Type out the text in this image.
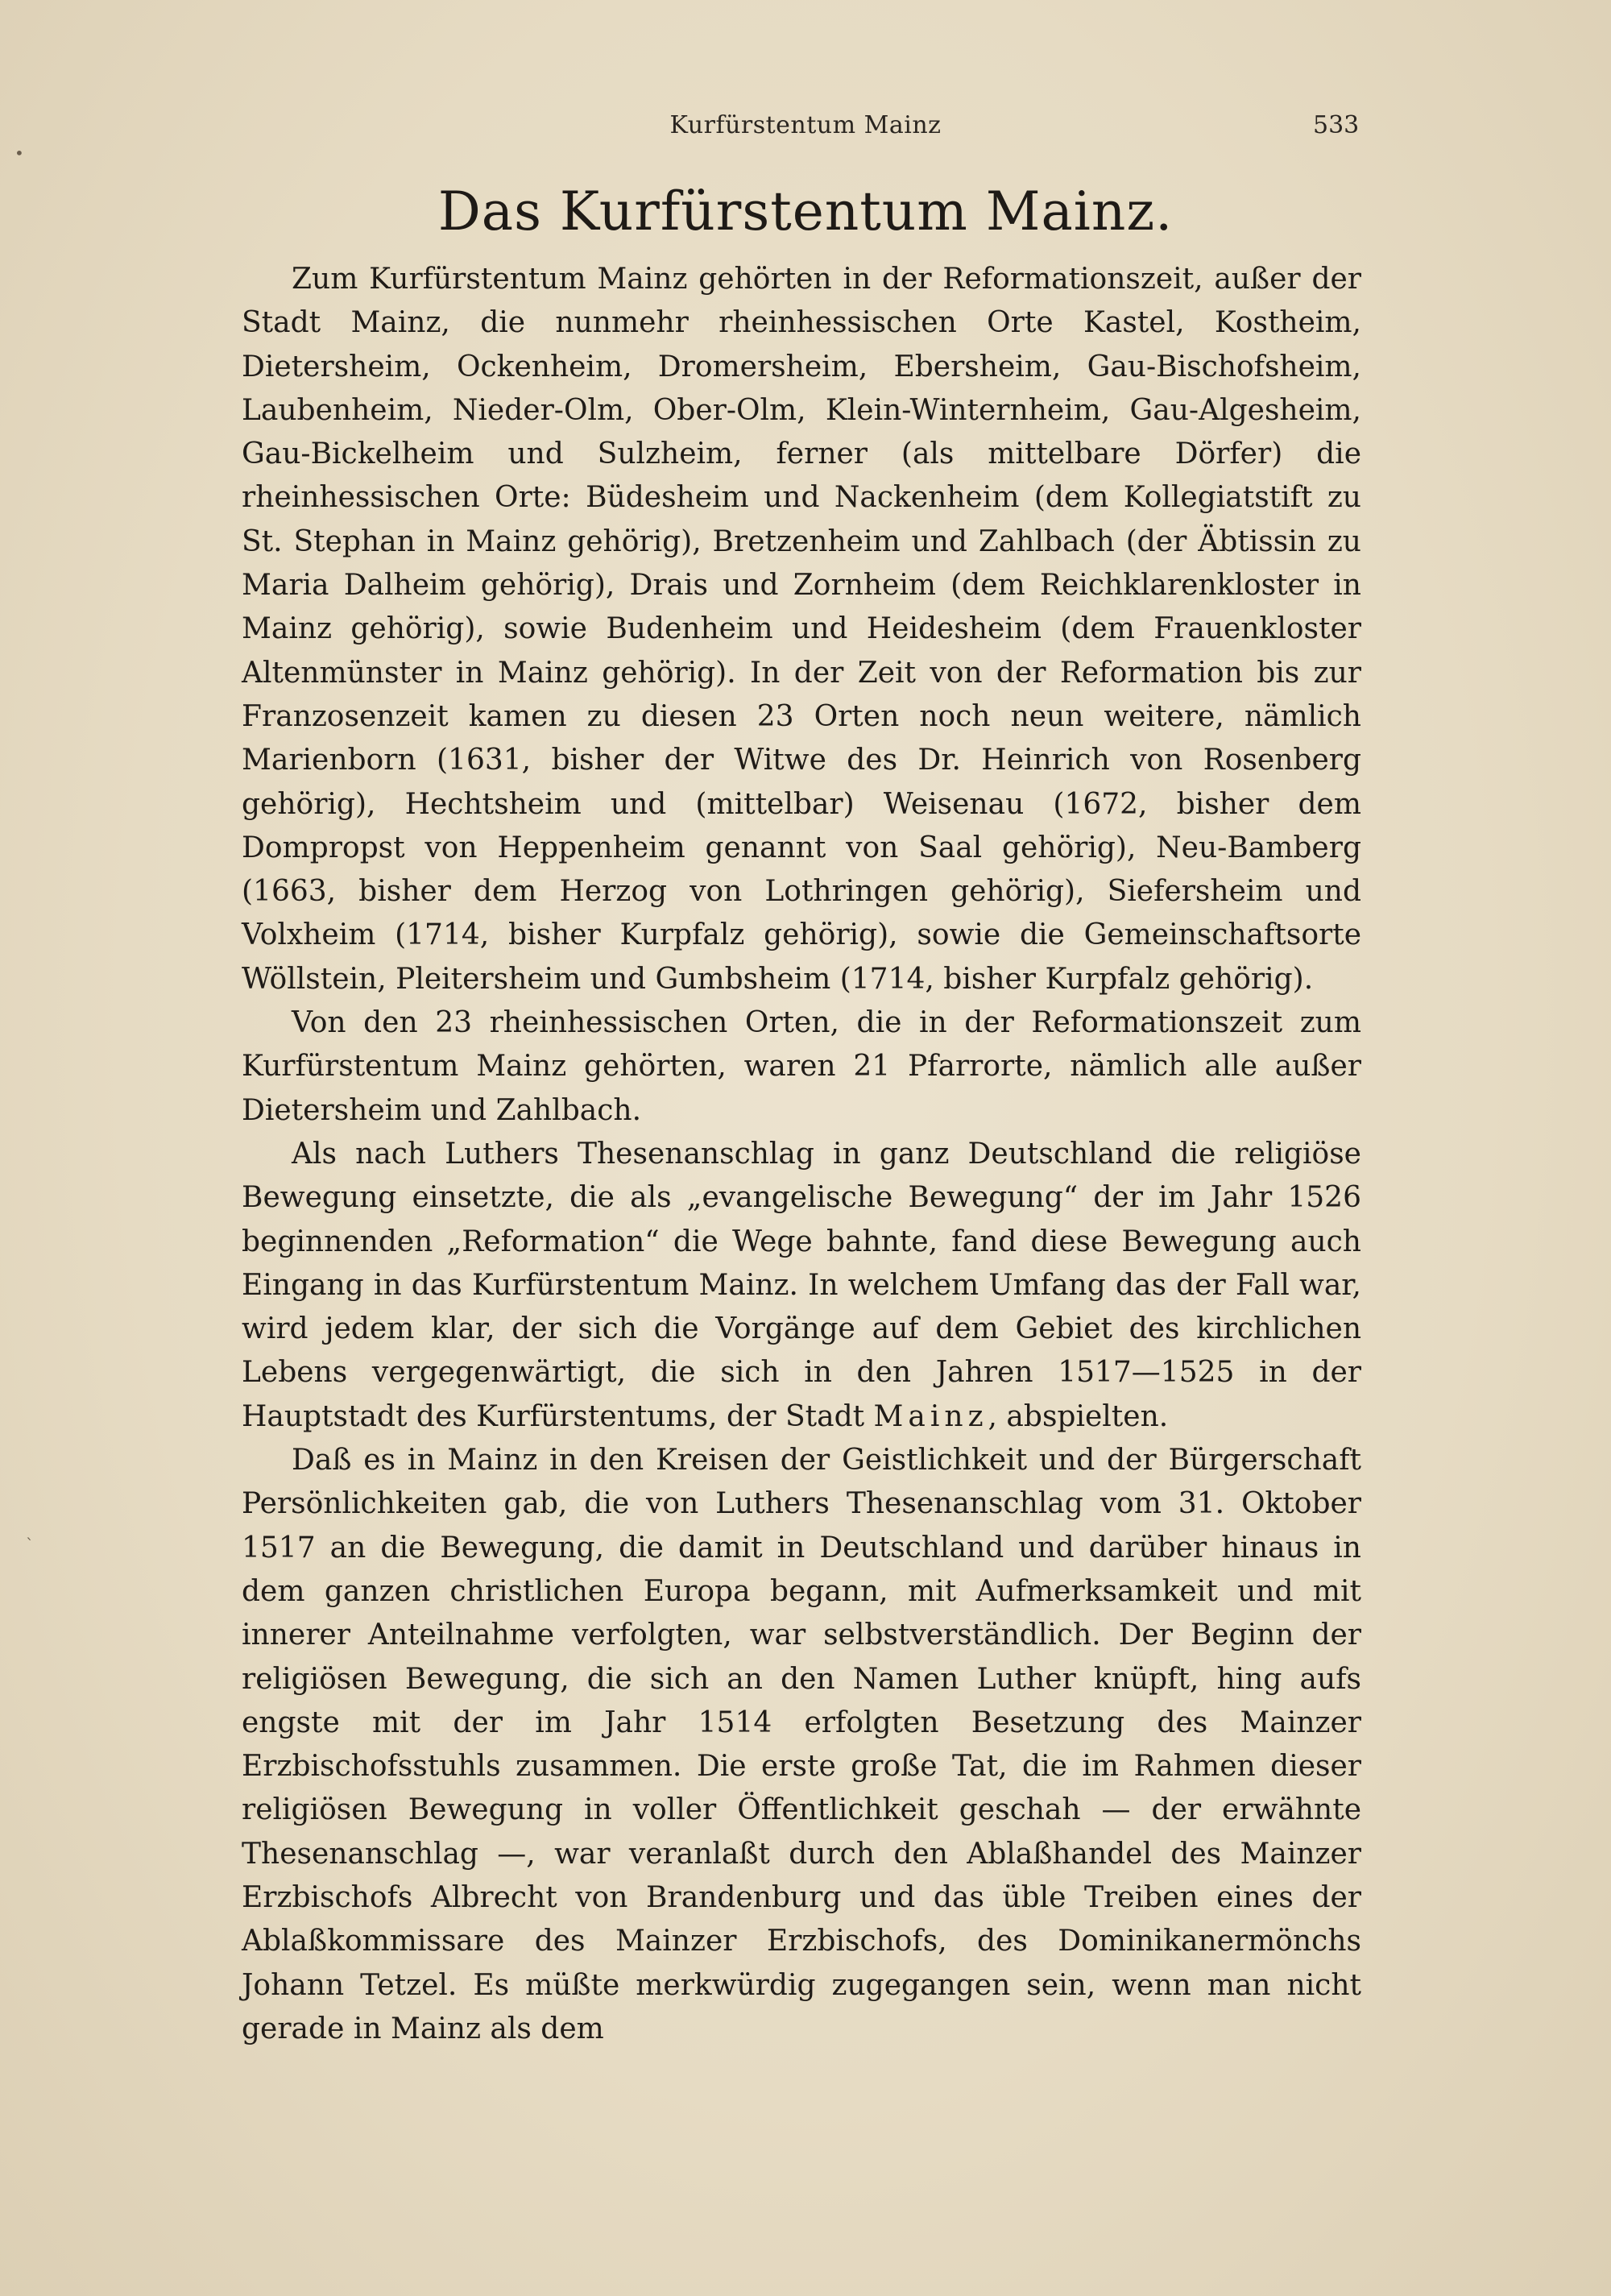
Kurfürstentum Mainz	533
Das Kurfürstentum Mainz.

Zum Kurfürstentum Mainz gehörten in der Reformationszeit, außer der Stadt Mainz, die nunmehr rheinhessischen Orte Kastel, Kostheim, Dietersheim, Ockenheim, Dromersheim, Ebersheim, Gau-Bischofsheim, Laubenheim, Nieder-Olm, Ober-Olm, Klein-Winternheim, Gau-Algesheim, Gau-Bickelheim und Sulzheim, ferner (als mittelbare Dörfer) die rheinhessischen Orte: Büdesheim und Nackenheim (dem Kollegiatstift zu St. Stephan in Mainz gehörig), Bretzenheim und Zahlbach (der Äbtissin zu Maria Dalheim gehörig), Drais und Zornheim (dem Reichklarenkloster in Mainz gehörig), sowie Budenheim und Heidesheim (dem Frauenkloster Altenmünster in Mainz gehörig). In der Zeit von der Reformation bis zur Franzosenzeit kamen zu diesen 23 Orten noch neun weitere, nämlich Marienborn (1631, bisher der Witwe des Dr. Heinrich von Rosenberg gehörig), Hechtsheim und (mittelbar) Weisenau (1672, bisher dem Dompropst von Heppenheim genannt von Saal gehörig), Neu-Bamberg (1663, bisher dem Herzog von Lothringen gehörig), Siefersheim und Volxheim (1714, bisher Kurpfalz gehörig), sowie die Gemeinschaftsorte Wöllstein, Pleitersheim und Gumbsheim (1714, bisher Kurpfalz gehörig).

Von den 23 rheinhessischen Orten, die in der Reformationszeit zum Kurfürstentum Mainz gehörten, waren 21 Pfarrorte, nämlich alle außer Dietersheim und Zahlbach.

Als nach Luthers Thesenanschlag in ganz Deutschland die religiöse Bewegung einsetzte, die als „evangelische Bewegung“ der im Jahr 1526 beginnenden „Reformation“ die Wege bahnte, fand diese Bewegung auch Eingang in das Kurfürstentum Mainz. In welchem Umfang das der Fall war, wird jedem klar, der sich die Vorgänge auf dem Gebiet des kirchlichen Lebens vergegenwärtigt, die sich in den Jahren 1517—1525 in der Hauptstadt des Kurfürstentums, der Stadt Mainz, abspielten.

Daß es in Mainz in den Kreisen der Geistlichkeit und der Bürgerschaft Persönlichkeiten gab, die von Luthers Thesenanschlag vom 31. Oktober 1517 an die Bewegung, die damit in Deutschland und darüber hinaus in dem ganzen christlichen Europa begann, mit Aufmerksamkeit und mit innerer Anteilnahme verfolgten, war selbstverständlich. Der Beginn der religiösen Bewegung, die sich an den Namen Luther knüpft, hing aufs engste mit der im Jahr 1514 erfolgten Besetzung des Mainzer Erzbischofsstuhls zusammen. Die erste große Tat, die im Rahmen dieser religiösen Bewegung in voller Öffentlichkeit geschah — der erwähnte Thesenanschlag —, war veranlaßt durch den Ablaßhandel des Mainzer Erzbischofs Albrecht von Brandenburg und das üble Treiben eines der Ablaßkommissare des Mainzer Erzbischofs, des Dominikanermönchs Johann Tetzel. Es müßte merkwürdig zugegangen sein, wenn man nicht gerade in Mainz als dem

•
`
